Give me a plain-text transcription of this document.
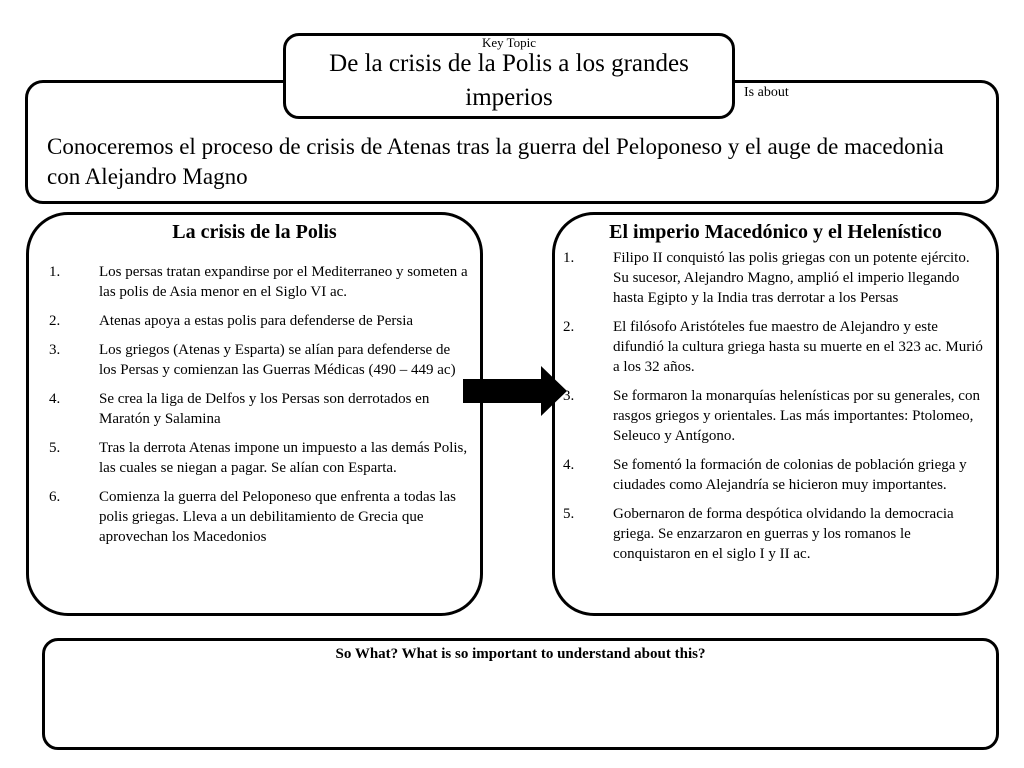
Is about
Conoceremos el proceso de crisis de Atenas tras la guerra del Peloponeso y el auge de macedonia con Alejandro Magno
Key Topic
De la crisis de la Polis a los grandes imperios
La crisis de la Polis
1.	Los persas tratan expandirse por el Mediterraneo y someten a las polis de Asia menor en el Siglo VI ac.
2.	Atenas apoya a estas polis para defenderse de Persia
3.	Los griegos (Atenas y Esparta) se alían para defenderse de los Persas y comienzan las Guerras Médicas (490 – 449 ac)
4.	Se crea la liga de Delfos y los Persas son derrotados en Maratón y Salamina
5.	Tras la derrota Atenas impone un impuesto a las demás Polis, las cuales se niegan a pagar. Se alían con Esparta.
6.	Comienza la guerra del Peloponeso que enfrenta a todas las polis griegas. Lleva a un debilitamiento de Grecia que aprovechan los Macedonios
El imperio Macedónico y el Helenístico
1.	Filipo II conquistó las polis griegas con un potente ejército. Su sucesor, Alejandro Magno, amplió el imperio llegando hasta Egipto y la India tras derrotar a los Persas
2.	El filósofo Aristóteles fue maestro de Alejandro y este difundió la cultura griega hasta su muerte en el 323 ac. Murió a los 32 años.
3.	Se formaron la monarquías helenísticas por su generales, con rasgos griegos y orientales. Las más importantes: Ptolomeo, Seleuco y Antígono.
4.	Se fomentó la formación de colonias de población griega y ciudades como Alejandría se hicieron muy importantes.
5.	Gobernaron de forma despótica olvidando la democracia griega. Se enzarzaron en guerras y los romanos le conquistaron en el siglo I y II ac.
So What? What is so important to understand about this?
